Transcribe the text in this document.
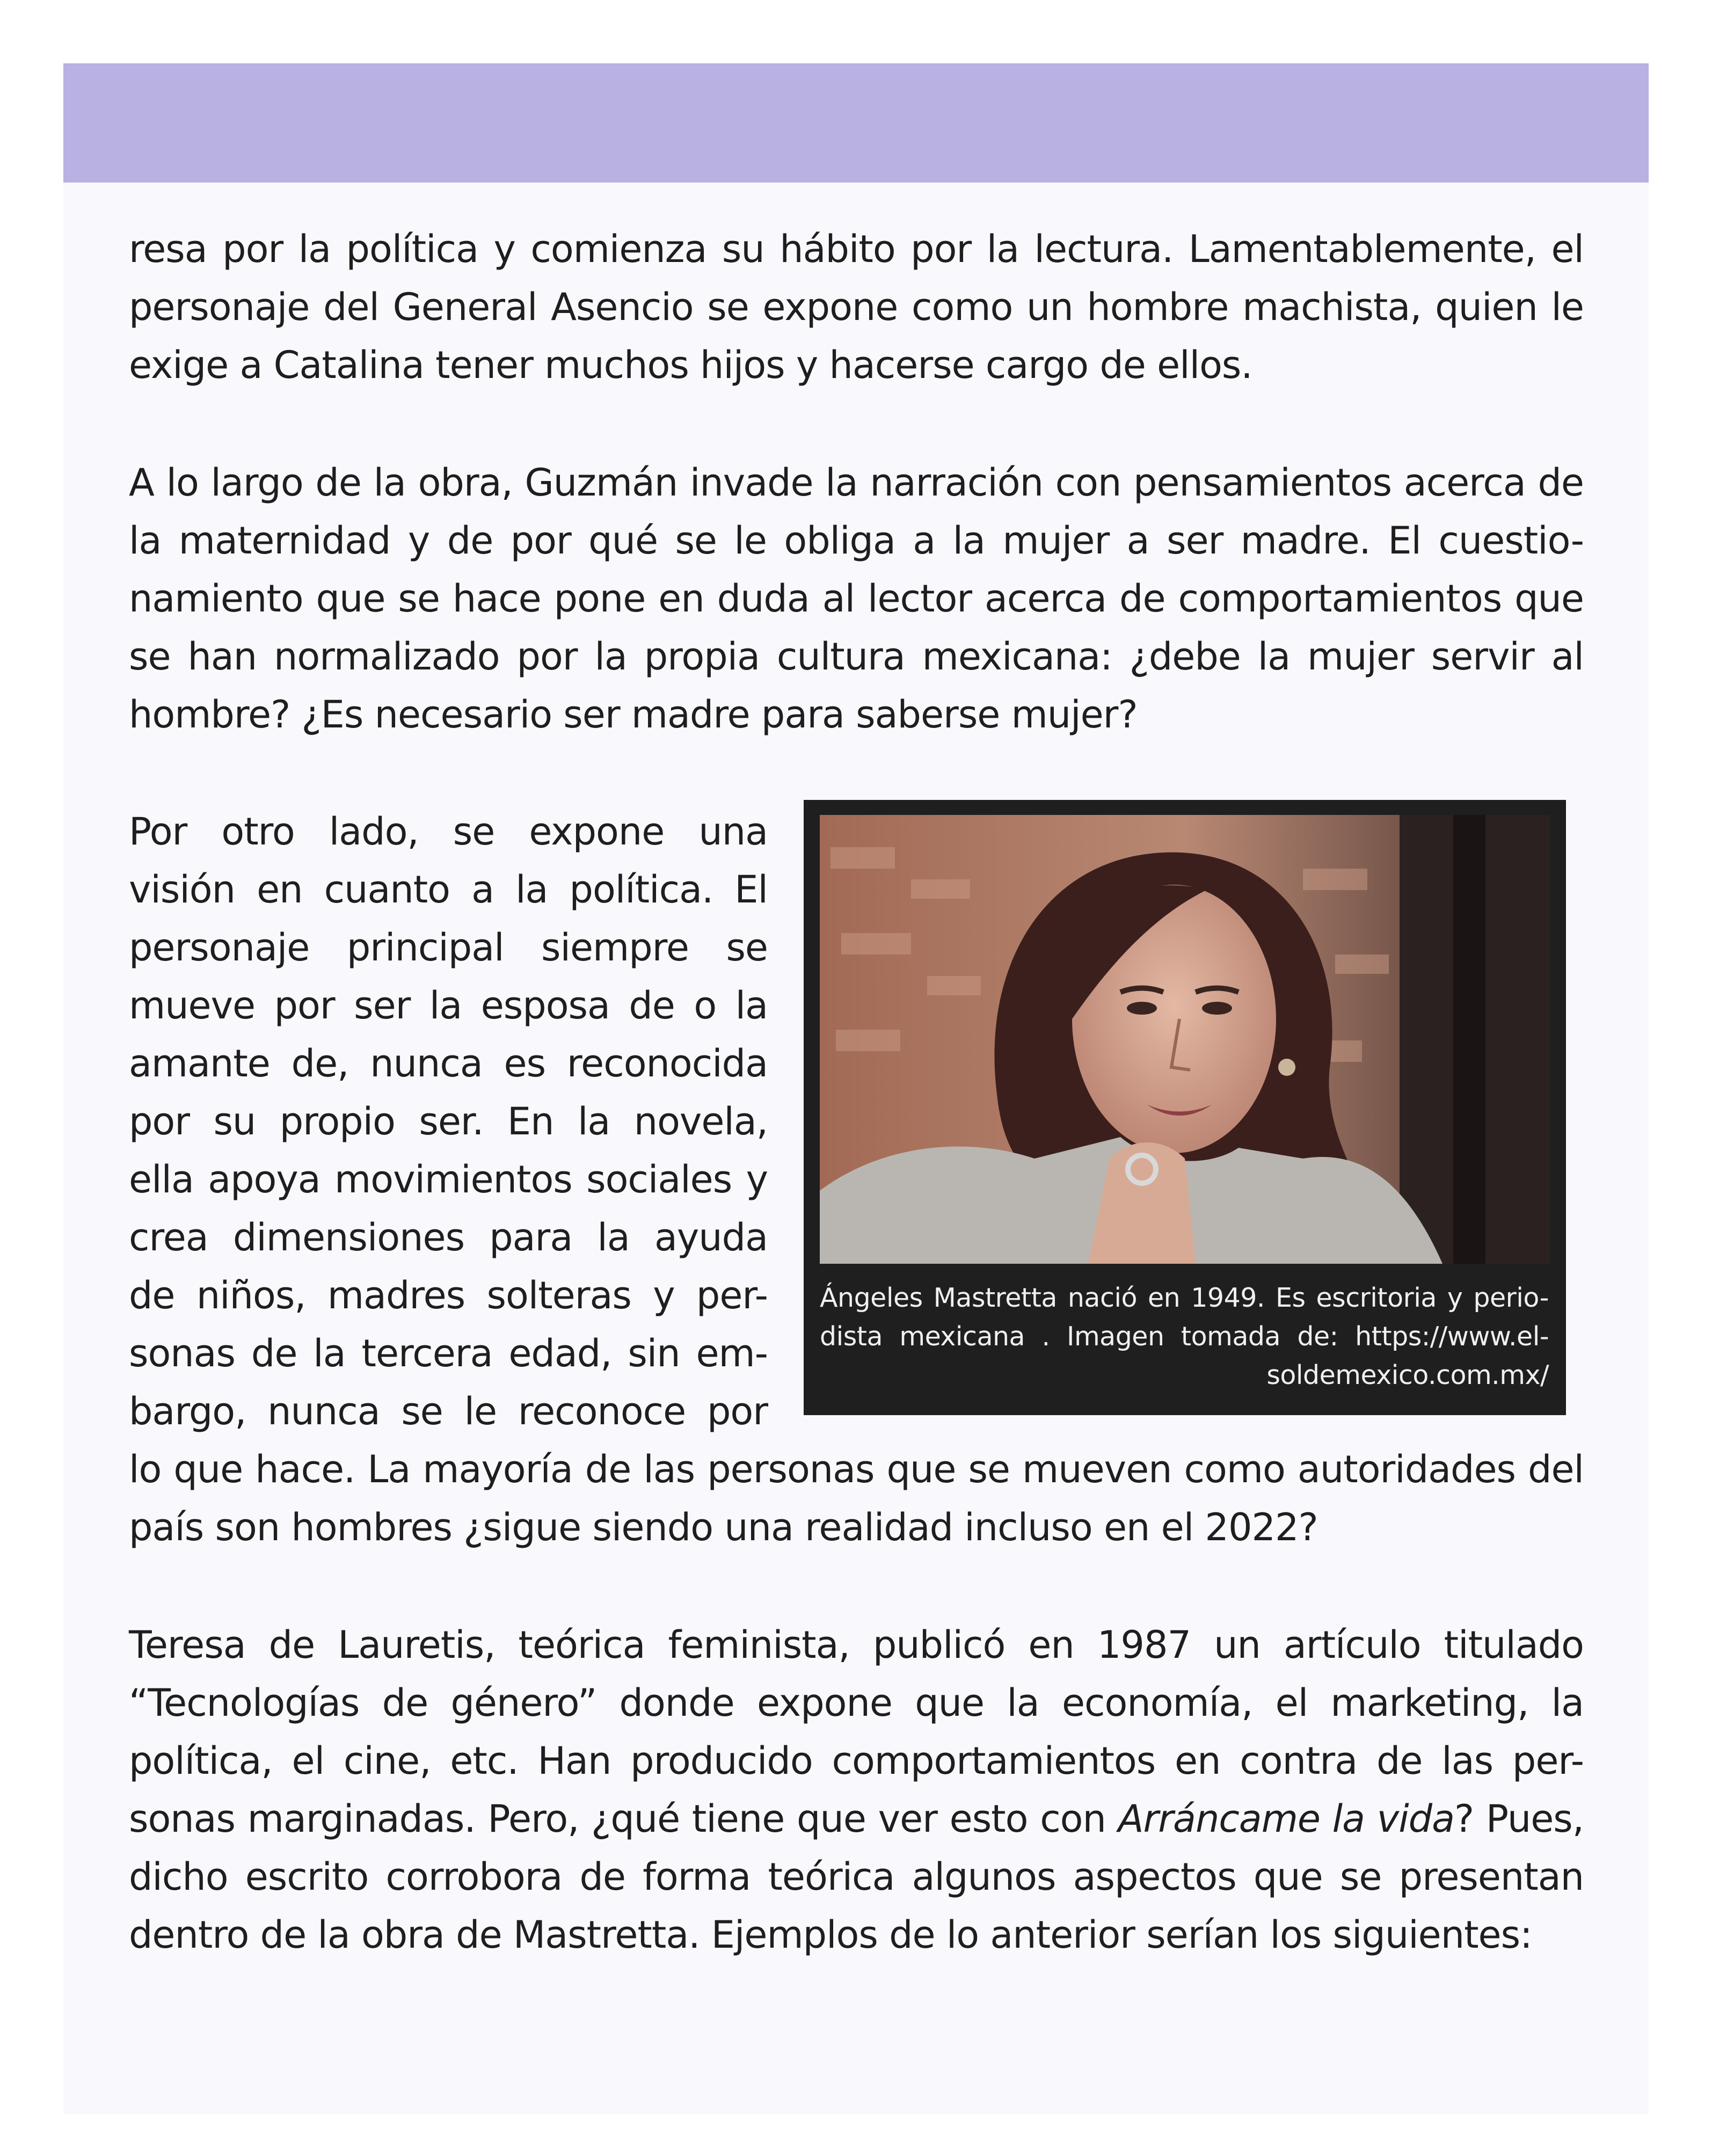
resa por la política y comienza su hábito por la lectura. Lamentablemente, el personaje del General Asencio se expone como un hombre machista, quien le exige a Catalina tener muchos hijos y hacerse cargo de ellos.
A lo largo de la obra, Guzmán invade la narración con pensamientos acerca de la maternidad y de por qué se le obliga a la mujer a ser madre. El cuestio- namiento que se hace pone en duda al lector acerca de comportamientos que se han normalizado por la propia cultura mexicana: ¿debe la mujer servir al hombre? ¿Es necesario ser madre para saberse mujer?
Por otro lado, se expone una visión en cuanto a la política. El personaje principal siempre se mueve por ser la esposa de o la amante de, nunca es reconocida por su propio ser. En la novela, ella apoya movimientos sociales y crea dimensiones para la ayuda de niños, madres solteras y per- sonas de la tercera edad, sin em- bargo, nunca se le reconoce por
Ángeles Mastretta nació en 1949. Es escritoria y perio- dista mexicana . Imagen tomada de: https://www.el- soldemexico.com.mx/
lo que hace. La mayoría de las personas que se mueven como autoridades del país son hombres ¿sigue siendo una realidad incluso en el 2022?
Teresa de Lauretis, teórica feminista, publicó en 1987 un artículo titulado “Tecnologías de género” donde expone que la economía, el marketing, la política, el cine, etc. Han producido comportamientos en contra de las per- sonas marginadas. Pero, ¿qué tiene que ver esto con Arráncame la vida? Pues, dicho escrito corrobora de forma teórica algunos aspectos que se presentan dentro de la obra de Mastretta. Ejemplos de lo anterior serían los siguientes:
